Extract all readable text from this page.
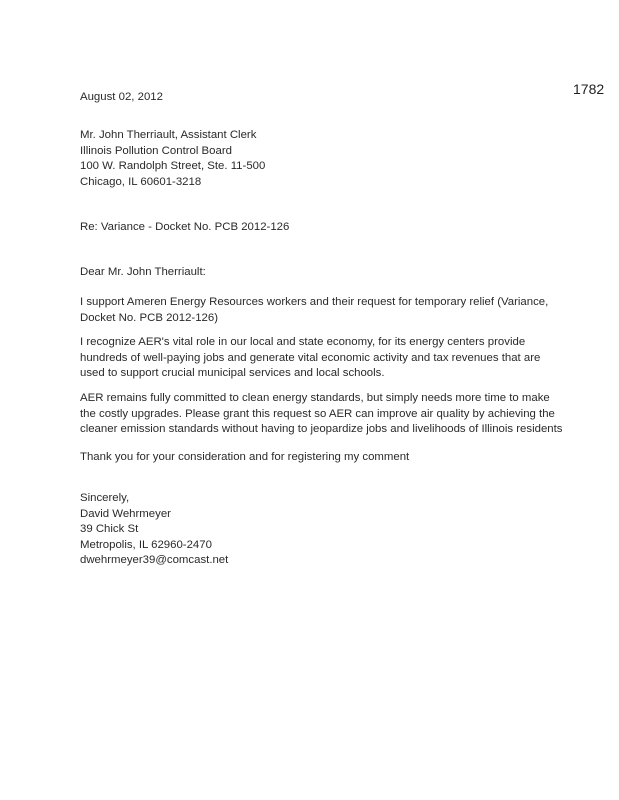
1782
August 02, 2012
Mr. John Therriault, Assistant Clerk
Illinois Pollution Control Board
100 W. Randolph Street, Ste. 11-500
Chicago, IL 60601-3218
Re: Variance - Docket No. PCB 2012-126
Dear Mr. John Therriault:
I support Ameren Energy Resources workers and their request for temporary relief (Variance,
Docket No. PCB 2012-126)
I recognize AER's vital role in our local and state economy, for its energy centers provide
hundreds of well-paying jobs and generate vital economic activity and tax revenues that are
used to support crucial municipal services and local schools.
AER remains fully committed to clean energy standards, but simply needs more time to make
the costly upgrades. Please grant this request so AER can improve air quality by achieving the
cleaner emission standards without having to jeopardize jobs and livelihoods of Illinois residents
Thank you for your consideration and for registering my comment
Sincerely,
David Wehrmeyer
39 Chick St
Metropolis, IL 62960-2470
dwehrmeyer39@comcast.net
